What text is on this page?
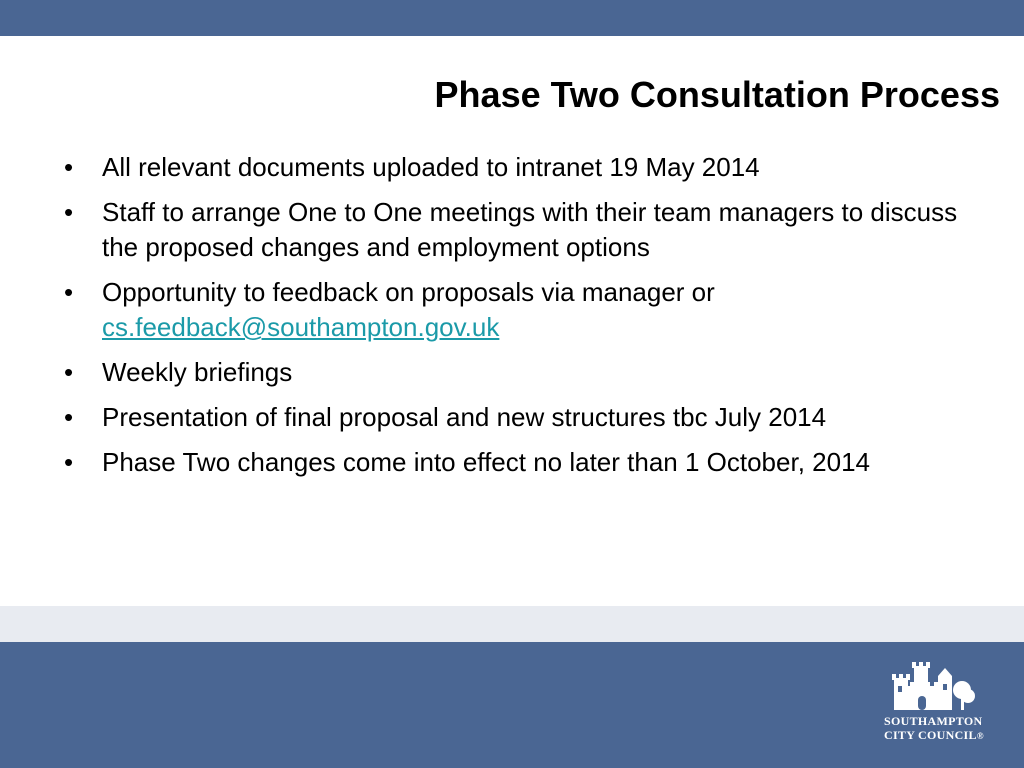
Phase Two Consultation Process
• All relevant documents uploaded to intranet 19 May 2014
• Staff to arrange One to One meetings with their team managers to discuss the proposed changes and employment options
• Opportunity to feedback on proposals via manager or
cs.feedback@southampton.gov.uk
• Weekly briefings
• Presentation of final proposal and new structures tbc July 2014
• Phase Two changes come into effect no later than 1 October, 2014
SOUTHAMPTON
CITY COUNCIL®
